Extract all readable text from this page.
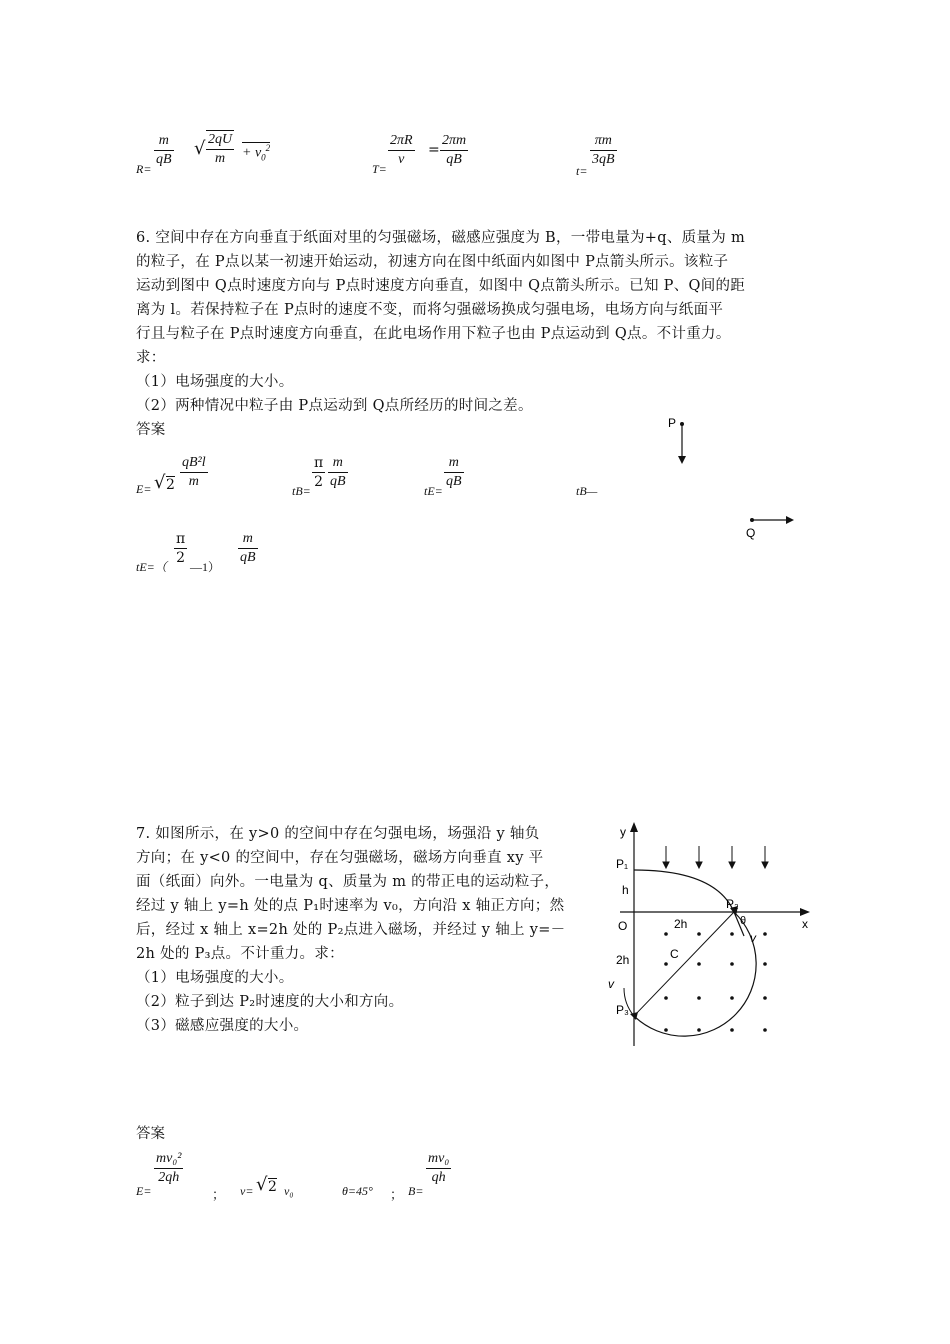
$R= \frac{m}{qB}$ √ $\frac{2qU}{m} + v_0^2$
$T= \frac{2\pi R}{v} = \frac{2\pi m}{qB}$
t=
$\frac{\pi m}{3qB}$
6. 空间中存在方向垂直于纸面对里的匀强磁场，磁感应强度为 B，一带电量为+q、质量为 m
的粒子，在 P点以某一初速开始运动，初速方向在图中纸面内如图中 P点箭头所示。该粒子
运动到图中 Q点时速度方向与 P点时速度方向垂直，如图中 Q点箭头所示。已知 P、Q间的距
离为 l。若保持粒子在 P点时的速度不变，而将匀强磁场换成匀强电场，电场方向与纸面平
行且与粒子在 P点时速度方向垂直，在此电场作用下粒子也由 P点运动到 Q点。不计重力。
求：
（1）电场强度的大小。
（2）两种情况中粒子由 P点运动到 Q点所经历的时间之差。
答案	P
Q
E= √ $2 \frac{\text{qB²l}}{m}$	$tB= \frac{\pi}{2} \frac{m}{qB}$	$tE= \frac{m}{qB}$	tB—
$tE=( \frac{\pi}{2}$ —1） $\frac{m}{qB}$
7. 如图所示，在 y>0 的空间中存在匀强电场，场强沿 y 轴负
方向；在 y<0 的空间中，存在匀强磁场，磁场方向垂直 xy 平
面（纸面）向外。一电量为 q、质量为 m 的带正电的运动粒子，
经过 y 轴上 y=h 处的点 P₁时速率为 v₀，方向沿 x 轴正方向；然
后，经过 x 轴上 x=2h 处的 P₂点进入磁场，并经过 y 轴上 y=－
2h 处的 P₃点。不计重力。求：
（1）电场强度的大小。
（2）粒子到达 P₂时速度的大小和方向。
（3）磁感应强度的大小。
y
x
O
P₁
P₂
P₃
h
2h
2h	C
θ
v
v
答案
E=
$\frac{\text{mv₀²}}{2qh}$
； v= √ 2 v₀	θ=45° ； B=
$\frac{\text{mv₀}}{qh}$
